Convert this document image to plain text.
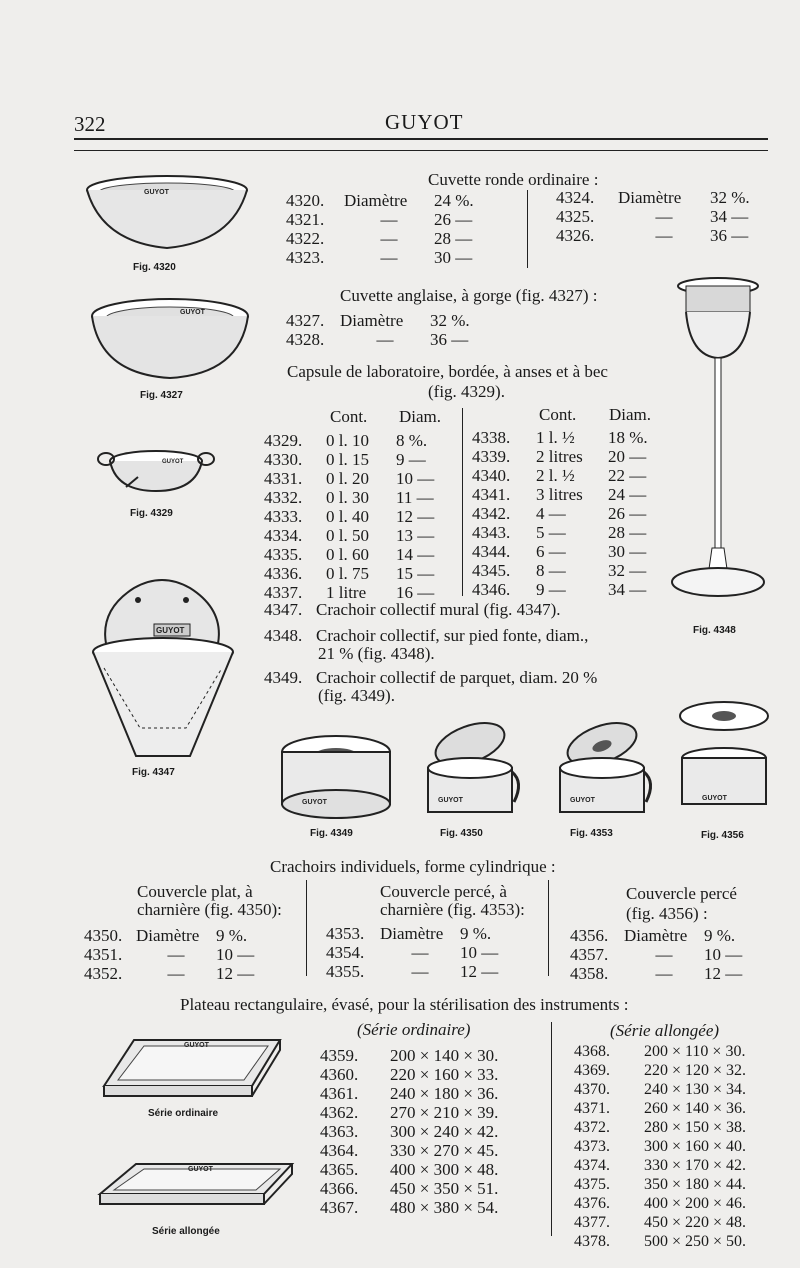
322	GUYOT
GUYOT
Fig. 4320
Cuvette ronde ordinaire :
4320.	Diamètre	24 %.
4321.	—	26 —
4322.	—	28 —
4323.	—	30 —
4324.	Diamètre	32 %.
4325.	—	34 —
4326.	—	36 —
GUYOT
Fig. 4327
Cuvette anglaise, à gorge (fig. 4327) :
4327.	Diamètre	32 %.
4328.	—	36 —
Fig. 4348
Capsule de laboratoire, bordée, à anses et à bec
(fig. 4329).
Cont. Diam.	Cont. Diam.
4329.	0 l. 10	8 %.
4330.	0 l. 15	9 —
4331.	0 l. 20	10 —
4332.	0 l. 30	11 —
4333.	0 l. 40	12 —
4334.	0 l. 50	13 —
4335.	0 l. 60	14 —
4336.	0 l. 75	15 —
4337.	1 litre	16 —
4338.	1 l. ½	18 %.
4339.	2 litres	20 —
4340.	2 l. ½	22 —
4341.	3 litres	24 —
4342.	4 —	26 —
4343.	5 —	28 —
4344.	6 —	30 —
4345.	8 —	32 —
4346.	9 —	34 —
GUYOT
Fig. 4329
GUYOT
Fig. 4347
4347. Crachoir collectif mural (fig. 4347).
4348. Crachoir collectif, sur pied fonte, diam.,
21 % (fig. 4348).
4349. Crachoir collectif de parquet, diam. 20 %
(fig. 4349).
GUYOT
Fig. 4349
GUYOT
Fig. 4350
GUYOT
Fig. 4353
GUYOT
Fig. 4356
Crachoirs individuels, forme cylindrique :
Couvercle plat, à
charnière (fig. 4350):
4350.	Diamètre	9 %.
4351.	—	10 —
4352.	—	12 —
Couvercle percé, à
charnière (fig. 4353):
4353.	Diamètre	9 %.
4354.	—	10 —
4355.	—	12 —
Couvercle percé
(fig. 4356) :
4356.	Diamètre	9 %.
4357.	—	10 —
4358.	—	12 —
Plateau rectangulaire, évasé, pour la stérilisation des instruments :
(Série ordinaire)	(Série allongée)
4359.	200 × 140 × 30.
4360.	220 × 160 × 33.
4361.	240 × 180 × 36.
4362.	270 × 210 × 39.
4363.	300 × 240 × 42.
4364.	330 × 270 × 45.
4365.	400 × 300 × 48.
4366.	450 × 350 × 51.
4367.	480 × 380 × 54.
4368.	200 × 110 × 30.
4369.	220 × 120 × 32.
4370.	240 × 130 × 34.
4371.	260 × 140 × 36.
4372.	280 × 150 × 38.
4373.	300 × 160 × 40.
4374.	330 × 170 × 42.
4375.	350 × 180 × 44.
4376.	400 × 200 × 46.
4377.	450 × 220 × 48.
4378.	500 × 250 × 50.
GUYOT
Série ordinaire
GUYOT
Série allongée
